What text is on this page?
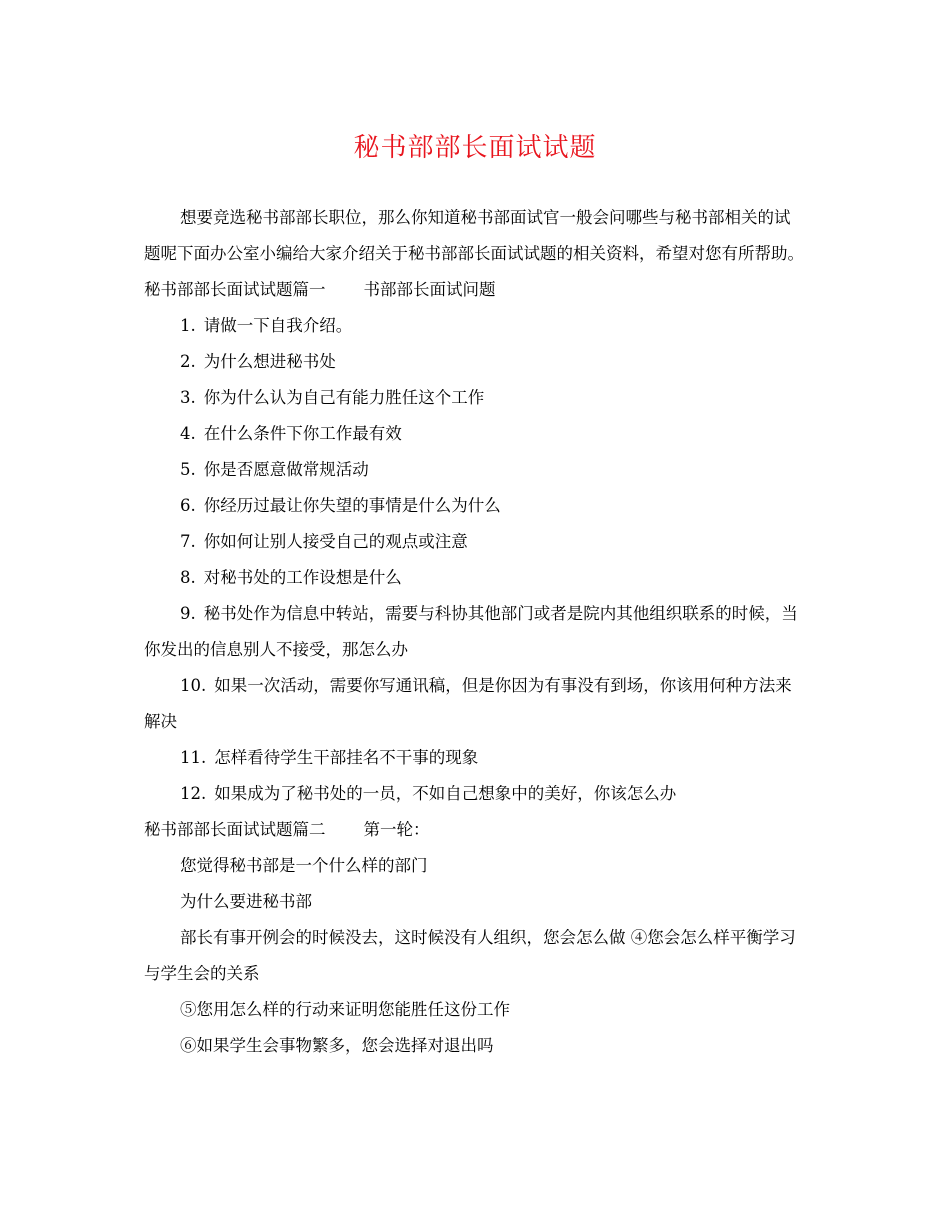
秘书部部长面试试题

想要竞选秘书部部长职位，那么你知道秘书部面试官一般会问哪些与秘书部相关的试题呢下面办公室小编给大家介绍关于秘书部部长面试试题的相关资料，希望对您有所帮助。

秘书部部长面试试题篇一 书部部长面试问题

1. 请做一下自我介绍。

2. 为什么想进秘书处

3. 你为什么认为自己有能力胜任这个工作

4. 在什么条件下你工作最有效

5. 你是否愿意做常规活动

6. 你经历过最让你失望的事情是什么为什么

7. 你如何让别人接受自己的观点或注意

8. 对秘书处的工作设想是什么

9. 秘书处作为信息中转站，需要与科协其他部门或者是院内其他组织联系的时候，当你发出的信息别人不接受，那怎么办

10. 如果一次活动，需要你写通讯稿，但是你因为有事没有到场，你该用何种方法来解决

11. 怎样看待学生干部挂名不干事的现象

12. 如果成为了秘书处的一员，不如自己想象中的美好，你该怎么办

秘书部部长面试试题篇二 第一轮：

您觉得秘书部是一个什么样的部门

为什么要进秘书部

部长有事开例会的时候没去，这时候没有人组织，您会怎么做 ④您会怎么样平衡学习与学生会的关系

⑤您用怎么样的行动来证明您能胜任这份工作

⑥如果学生会事物繁多，您会选择对退出吗
